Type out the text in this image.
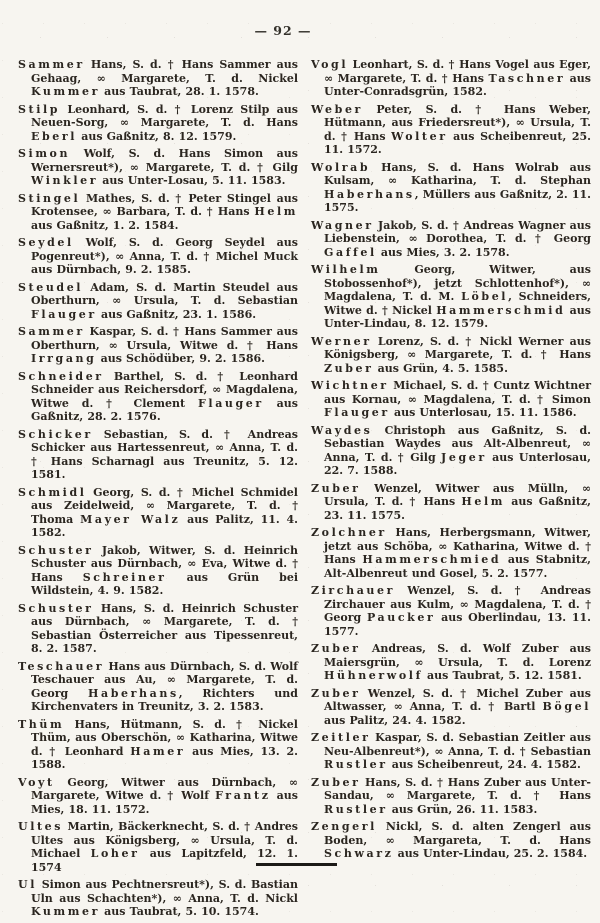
— 92 —

Sammer Hans, S. d. † Hans Sammer aus Gehaag, ∞ Margarete, T. d. Nickel Kummer aus Taubrat, 28. 1. 1578.

Stilp Leonhard, S. d. † Lorenz Stilp aus Neuen-Sorg, ∞ Margarete, T. d. Hans Eberl aus Gaßnitz, 8. 12. 1579.

Simon Wolf, S. d. Hans Simon aus Wernersreut*), ∞ Margarete, T. d. † Gilg Winkler aus Unter-Losau, 5. 11. 1583.

Stingel Mathes, S. d. † Peter Stingel aus Krotensee, ∞ Barbara, T. d. † Hans Helm aus Gaßnitz, 1. 2. 1584.

Seydel Wolf, S. d. Georg Seydel aus Pogenreut*), ∞ Anna, T. d. † Michel Muck aus Dürnbach, 9. 2. 1585.

Steudel Adam, S. d. Martin Steudel aus Oberthurn, ∞ Ursula, T. d. Sebastian Flauger aus Gaßnitz, 23. 1. 1586.

Sammer Kaspar, S. d. † Hans Sammer aus Oberthurn, ∞ Ursula, Witwe d. † Hans Irrgang aus Schödüber, 9. 2. 1586.

Schneider Barthel, S. d. † Leonhard Schneider aus Reichersdorf, ∞ Magdalena, Witwe d. † Clement Flauger aus Gaßnitz, 28. 2. 1576.

Schicker Sebastian, S. d. † Andreas Schicker aus Hartessenreut, ∞ Anna, T. d. † Hans Scharnagl aus Treunitz, 5. 12. 1581.

Schmidl Georg, S. d. † Michel Schmidel aus Zeidelweid, ∞ Margarete, T. d. † Thoma Mayer Walz aus Palitz, 11. 4. 1582.

Schuster Jakob, Witwer, S. d. Heinrich Schuster aus Dürnbach, ∞ Eva, Witwe d. † Hans Schreiner aus Grün bei Wildstein, 4. 9. 1582.

Schuster Hans, S. d. Heinrich Schuster aus Dürnbach, ∞ Margarete, T. d. † Sebastian Österreicher aus Tipessenreut, 8. 2. 1587.

Teschauer Hans aus Dürnbach, S. d. Wolf Teschauer aus Au, ∞ Margarete, T. d. Georg Haberhans, Richters und Kirchenvaters in Treunitz, 3. 2. 1583.

Thüm Hans, Hütmann, S. d. † Nickel Thüm, aus Oberschön, ∞ Katharina, Witwe d. † Leonhard Hamer aus Mies, 13. 2. 1588.

Voyt Georg, Witwer aus Dürnbach, ∞ Margarete, Witwe d. † Wolf Frantz aus Mies, 18. 11. 1572.

Ultes Martin, Bäckerknecht, S. d. † Andres Ultes aus Königsberg, ∞ Ursula, T. d. Michael Loher aus Lapitzfeld, 12. 1. 1574

Ul Simon aus Pechtnersreut*), S. d. Bastian Uln aus Schachten*), ∞ Anna, T. d. Nickl Kummer aus Taubrat, 5. 10. 1574.

Vogl Leonhart, S. d. † Hans Vogel aus Eger, ∞ Margarete, T. d. † Hans Taschner aus Unter-Conradsgrün, 1582.

Weber Peter, S. d. † Hans Weber, Hütmann, aus Friedersreut*), ∞ Ursula, T. d. † Hans Wolter aus Scheibenreut, 25. 11. 1572.

Wolrab Hans, S. d. Hans Wolrab aus Kulsam, ∞ Katharina, T. d. Stephan Haberhans, Müllers aus Gaßnitz, 2. 11. 1575.

Wagner Jakob, S. d. † Andreas Wagner aus Liebenstein, ∞ Dorothea, T. d. † Georg Gaffel aus Mies, 3. 2. 1578.

Wilhelm Georg, Witwer, aus Stobossenhof*), jetzt Schlottenhof*), ∞ Magdalena, T. d. M. Löbel, Schneiders, Witwe d. † Nickel Hammerschmid aus Unter-Lindau, 8. 12. 1579.

Werner Lorenz, S. d. † Nickl Werner aus Königsberg, ∞ Margarete, T. d. † Hans Zuber aus Grün, 4. 5. 1585.

Wichtner Michael, S. d. † Cuntz Wichtner aus Kornau, ∞ Magdalena, T. d. † Simon Flauger aus Unterlosau, 15. 11. 1586.

Waydes Christoph aus Gaßnitz, S. d. Sebastian Waydes aus Alt-Albenreut, ∞ Anna, T. d. † Gilg Jeger aus Unterlosau, 22. 7. 1588.

Zuber Wenzel, Witwer aus Mülln, ∞ Ursula, T. d. † Hans Helm aus Gaßnitz, 23. 11. 1575.

Zolchner Hans, Herbergsmann, Witwer, jetzt aus Schöba, ∞ Katharina, Witwe d. † Hans Hammerschmied aus Stabnitz, Alt-Albenreut und Gosel, 5. 2. 1577.

Zirchauer Wenzel, S. d. † Andreas Zirchauer aus Kulm, ∞ Magdalena, T. d. † Georg Paucker aus Oberlindau, 13. 11. 1577.

Zuber Andreas, S. d. Wolf Zuber aus Maiersgrün, ∞ Ursula, T. d. Lorenz Hühnerwolf aus Taubrat, 5. 12. 1581.

Zuber Wenzel, S. d. † Michel Zuber aus Altwasser, ∞ Anna, T. d. † Bartl Bögel aus Palitz, 24. 4. 1582.

Zeitler Kaspar, S. d. Sebastian Zeitler aus Neu-Albenreut*), ∞ Anna, T. d. † Sebastian Rustler aus Scheibenreut, 24. 4. 1582.

Zuber Hans, S. d. † Hans Zuber aus Unter-Sandau, ∞ Margarete, T. d. † Hans Rustler aus Grün, 26. 11. 1583.

Zengerl Nickl, S. d. alten Zengerl aus Boden, ∞ Margareta, T. d. Hans Schwarz aus Unter-Lindau, 25. 2. 1584.
